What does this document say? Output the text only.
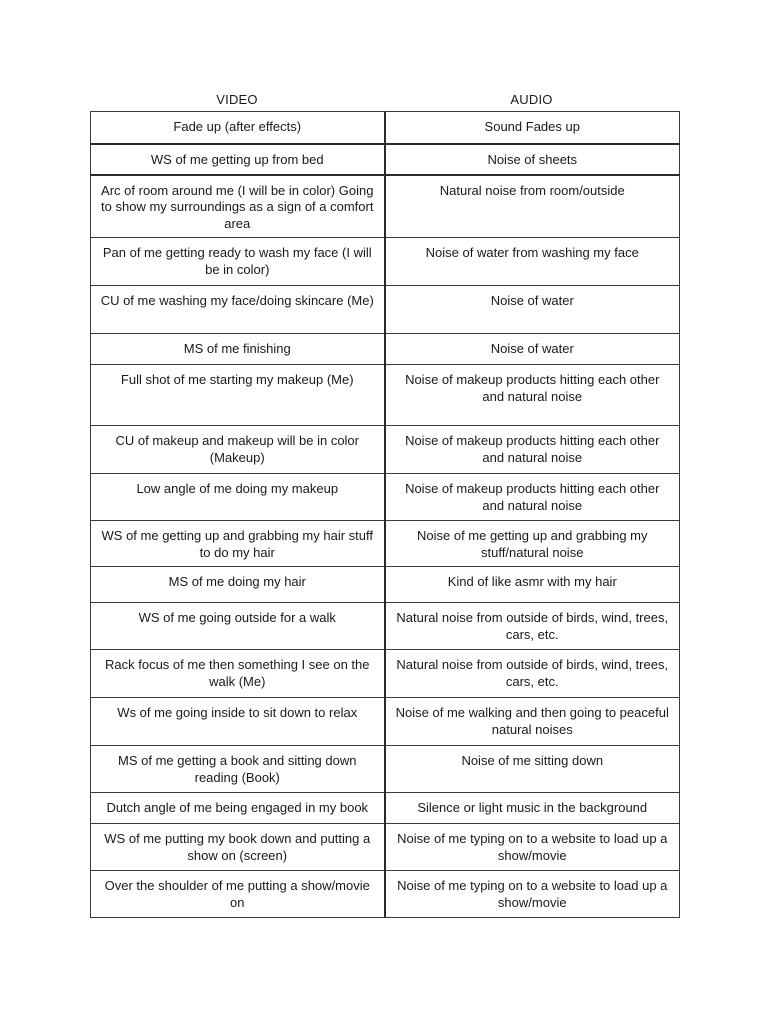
VIDEO	AUDIO
Fade up (after effects)	Sound Fades up
WS of me getting up from bed	Noise of sheets
Arc of room around me (I will be in color) Going to show my surroundings as a sign of a comfort area	Natural noise from room/outside
Pan of me getting ready to wash my face (I will be in color)	Noise of water from washing my face
CU of me washing my face/doing skincare (Me)	Noise of water
MS of me finishing	Noise of water
Full shot of me starting my makeup (Me)	Noise of makeup products hitting each other and natural noise
CU of makeup and makeup will be in color (Makeup)	Noise of makeup products hitting each other and natural noise
Low angle of me doing my makeup	Noise of makeup products hitting each other and natural noise
WS of me getting up and grabbing my hair stuff to do my hair	Noise of me getting up and grabbing my stuff/natural noise
MS of me doing my hair	Kind of like asmr with my hair
WS of me going outside for a walk	Natural noise from outside of birds, wind, trees, cars, etc.
Rack focus of me then something I see on the walk (Me)	Natural noise from outside of birds, wind, trees, cars, etc.
Ws of me going inside to sit down to relax	Noise of me walking and then going to peaceful natural noises
MS of me getting a book and sitting down reading (Book)	Noise of me sitting down
Dutch angle of me being engaged in my book	Silence or light music in the background
WS of me putting my book down and putting a show on (screen)	Noise of me typing on to a website to load up a show/movie
Over the shoulder of me putting a show/movie on	Noise of me typing on to a website to load up a show/movie
